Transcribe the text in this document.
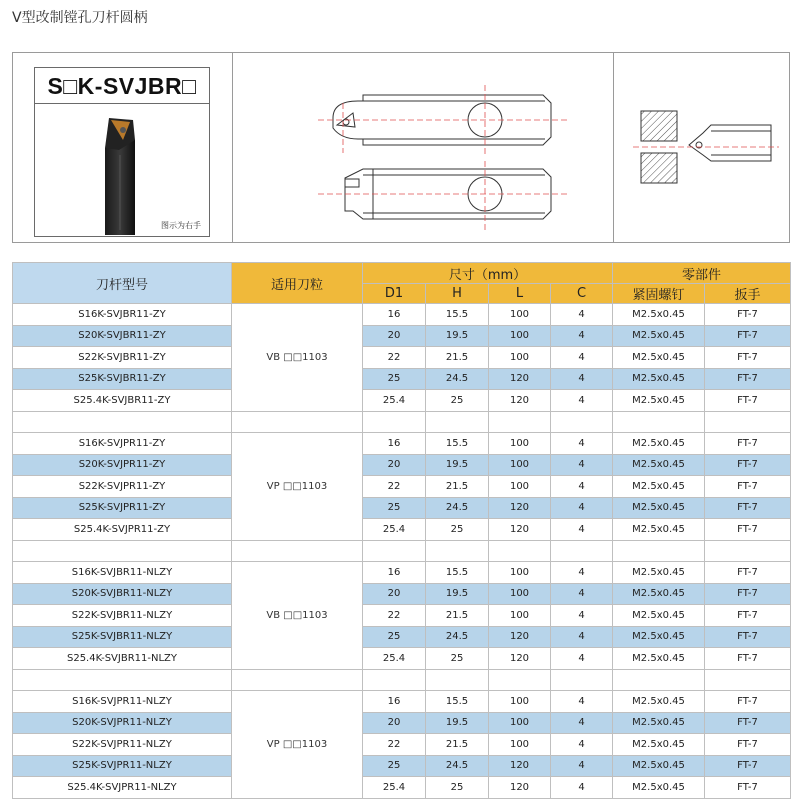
V型改制镗孔刀杆圆柄
S□K-SVJBR□
图示为右手
刀杆型号	适用刀粒	尺寸（mm）				零部件	
		D1	H	L	C	紧固螺钉	扳手
S16K-SVJBR11-ZY	VB □□1103	16	15.5	100	4	M2.5x0.45	FT-7
S20K-SVJBR11-ZY		20	19.5	100	4	M2.5x0.45	FT-7
S22K-SVJBR11-ZY		22	21.5	100	4	M2.5x0.45	FT-7
S25K-SVJBR11-ZY		25	24.5	120	4	M2.5x0.45	FT-7
S25.4K-SVJBR11-ZY		25.4	25	120	4	M2.5x0.45	FT-7

S16K-SVJPR11-ZY	VP □□1103	16	15.5	100	4	M2.5x0.45	FT-7
S20K-SVJPR11-ZY		20	19.5	100	4	M2.5x0.45	FT-7
S22K-SVJPR11-ZY		22	21.5	100	4	M2.5x0.45	FT-7
S25K-SVJPR11-ZY		25	24.5	120	4	M2.5x0.45	FT-7
S25.4K-SVJPR11-ZY		25.4	25	120	4	M2.5x0.45	FT-7

S16K-SVJBR11-NLZY	VB □□1103	16	15.5	100	4	M2.5x0.45	FT-7
S20K-SVJBR11-NLZY		20	19.5	100	4	M2.5x0.45	FT-7
S22K-SVJBR11-NLZY		22	21.5	100	4	M2.5x0.45	FT-7
S25K-SVJBR11-NLZY		25	24.5	120	4	M2.5x0.45	FT-7
S25.4K-SVJBR11-NLZY		25.4	25	120	4	M2.5x0.45	FT-7

S16K-SVJPR11-NLZY	VP □□1103	16	15.5	100	4	M2.5x0.45	FT-7
S20K-SVJPR11-NLZY		20	19.5	100	4	M2.5x0.45	FT-7
S22K-SVJPR11-NLZY		22	21.5	100	4	M2.5x0.45	FT-7
S25K-SVJPR11-NLZY		25	24.5	120	4	M2.5x0.45	FT-7
S25.4K-SVJPR11-NLZY		25.4	25	120	4	M2.5x0.45	FT-7
